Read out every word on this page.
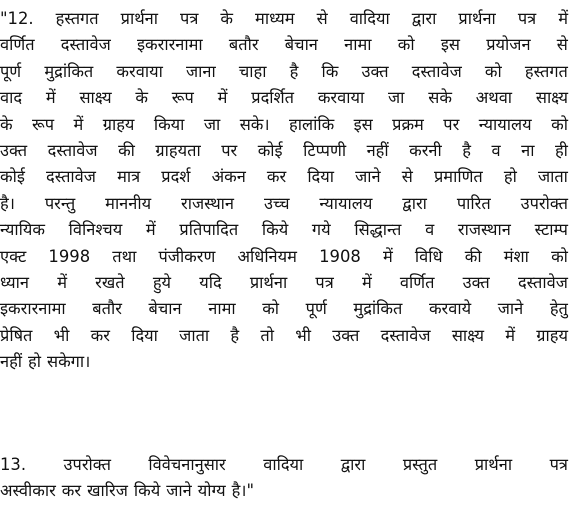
"12. हस्तगत प्रार्थना पत्र के माध्यम से वादिया द्वारा प्रार्थना पत्र में
वर्णित दस्तावेज इकरारनामा बतौर बेचान नामा को इस प्रयोजन से
पूर्ण मुद्रांकित करवाया जाना चाहा है कि उक्त दस्तावेज को हस्तगत
वाद में साक्ष्य के रूप में प्रदर्शित करवाया जा सके अथवा साक्ष्य
के रूप में ग्राहय किया जा सके। हालांकि इस प्रक्रम पर न्यायालय को
उक्त दस्तावेज की ग्राहयता पर कोई टिप्पणी नहीं करनी है व ना ही
कोई दस्तावेज मात्र प्रदर्श अंकन कर दिया जाने से प्रमाणित हो जाता
है। परन्तु माननीय राजस्थान उच्च न्यायालय द्वारा पारित उपरोक्त
न्यायिक विनिश्चय में प्रतिपादित किये गये सिद्धान्त व राजस्थान स्टाम्प
एक्ट 1998 तथा पंजीकरण अधिनियम 1908 में विधि की मंशा को
ध्यान में रखते हुये यदि प्रार्थना पत्र में वर्णित उक्त दस्तावेज
इकरारनामा बतौर बेचान नामा को पूर्ण मुद्रांकित करवाये जाने हेतु
प्रेषित भी कर दिया जाता है तो भी उक्त दस्तावेज साक्ष्य में ग्राहय
नहीं हो सकेगा।
13. उपरोक्त विवेचनानुसार वादिया द्वारा प्रस्तुत प्रार्थना पत्र
अस्वीकार कर खारिज किये जाने योग्य है।"
